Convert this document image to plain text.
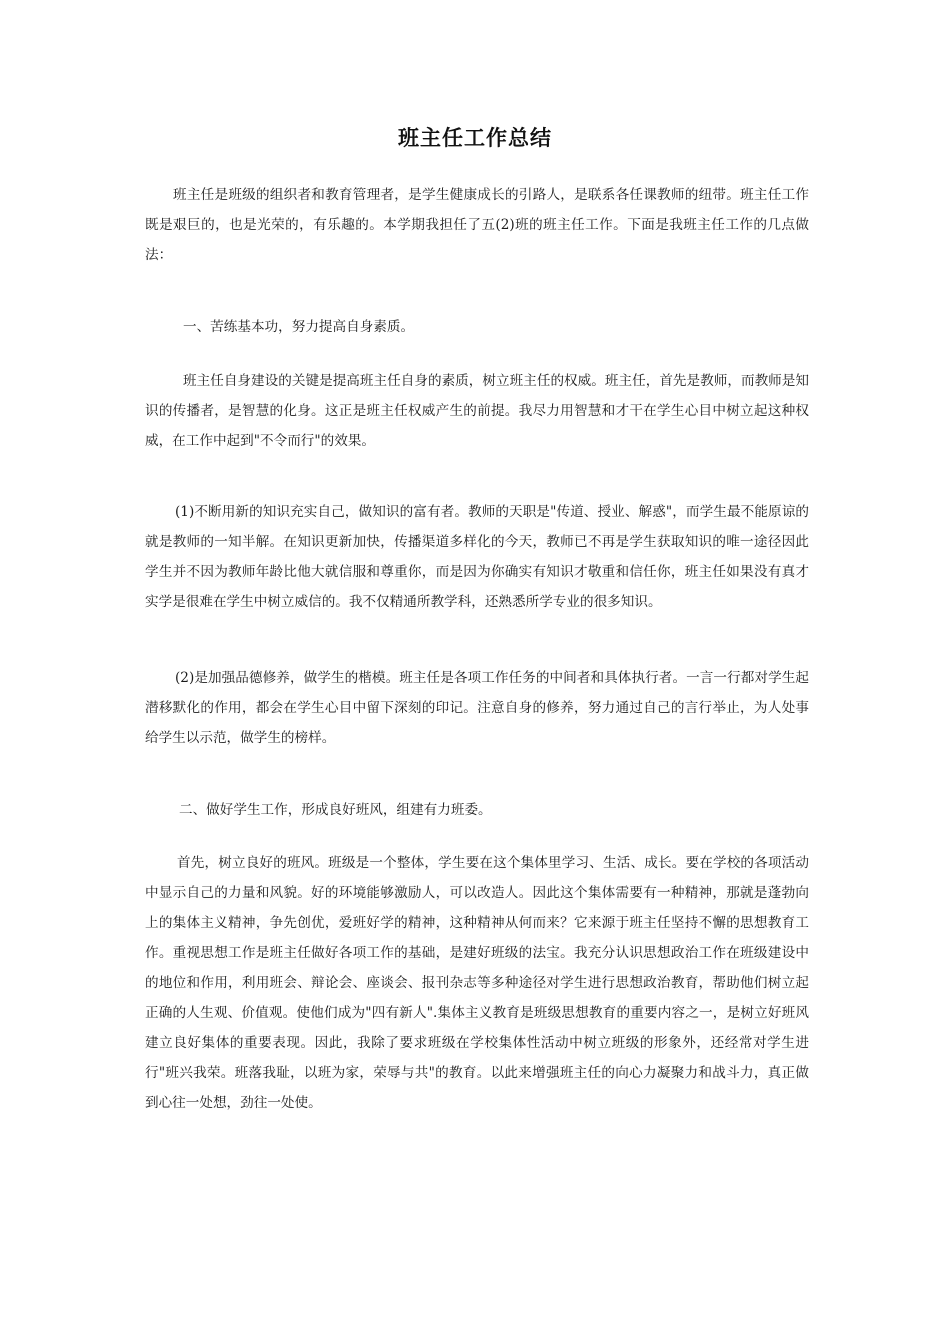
班主任工作总结

班主任是班级的组织者和教育管理者，是学生健康成长的引路人，是联系各任课教师的纽带。班主任工作既是艰巨的，也是光荣的，有乐趣的。本学期我担任了五(2)班的班主任工作。下面是我班主任工作的几点做法：

一、苦练基本功，努力提高自身素质。

班主任自身建设的关键是提高班主任自身的素质，树立班主任的权威。班主任，首先是教师，而教师是知识的传播者，是智慧的化身。这正是班主任权威产生的前提。我尽力用智慧和才干在学生心目中树立起这种权威，在工作中起到"不令而行"的效果。

(1)不断用新的知识充实自己，做知识的富有者。教师的天职是"传道、授业、解惑"，而学生最不能原谅的就是教师的一知半解。在知识更新加快，传播渠道多样化的今天，教师已不再是学生获取知识的唯一途径因此学生并不因为教师年龄比他大就信服和尊重你，而是因为你确实有知识才敬重和信任你，班主任如果没有真才实学是很难在学生中树立威信的。我不仅精通所教学科，还熟悉所学专业的很多知识。

(2)是加强品德修养，做学生的楷模。班主任是各项工作任务的中间者和具体执行者。一言一行都对学生起潜移默化的作用，都会在学生心目中留下深刻的印记。注意自身的修养，努力通过自己的言行举止，为人处事给学生以示范，做学生的榜样。

二、做好学生工作，形成良好班风，组建有力班委。

首先，树立良好的班风。班级是一个整体，学生要在这个集体里学习、生活、成长。要在学校的各项活动中显示自己的力量和风貌。好的环境能够激励人，可以改造人。因此这个集体需要有一种精神，那就是蓬勃向上的集体主义精神，争先创优，爱班好学的精神，这种精神从何而来？它来源于班主任坚持不懈的思想教育工作。重视思想工作是班主任做好各项工作的基础，是建好班级的法宝。我充分认识思想政治工作在班级建设中的地位和作用，利用班会、辩论会、座谈会、报刊杂志等多种途径对学生进行思想政治教育，帮助他们树立起正确的人生观、价值观。使他们成为"四有新人".集体主义教育是班级思想教育的重要内容之一，是树立好班风建立良好集体的重要表现。因此，我除了要求班级在学校集体性活动中树立班级的形象外，还经常对学生进行"班兴我荣。班落我耻，以班为家，荣辱与共"的教育。以此来增强班主任的向心力凝聚力和战斗力，真正做到心往一处想，劲往一处使。
